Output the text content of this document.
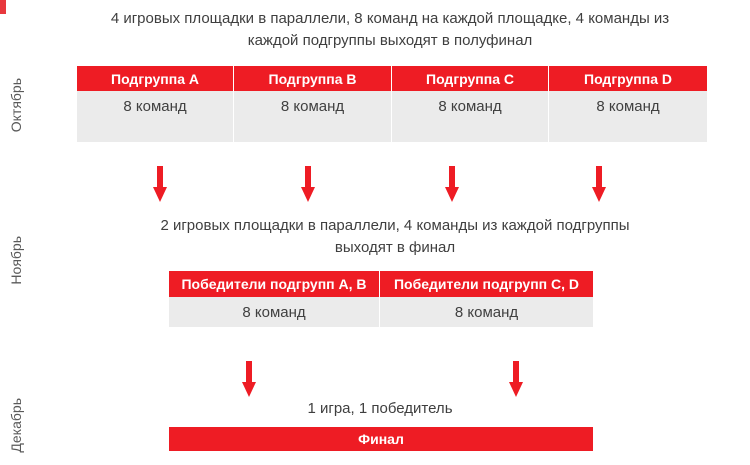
Октябрь
Ноябрь
Декабрь
4 игровых площадки в параллели, 8 команд на каждой площадке, 4 команды из каждой подгруппы выходят в полуфинал
Подгруппа A	Подгруппа B	Подгруппа C	Подгруппа D
8 команд	8 команд	8 команд	8 команд
2 игровых площадки в параллели, 4 команды из каждой подгруппы выходят в финал
Победители подгрупп A, B	Победители подгрупп C, D
8 команд	8 команд
1 игра, 1 победитель
Финал
